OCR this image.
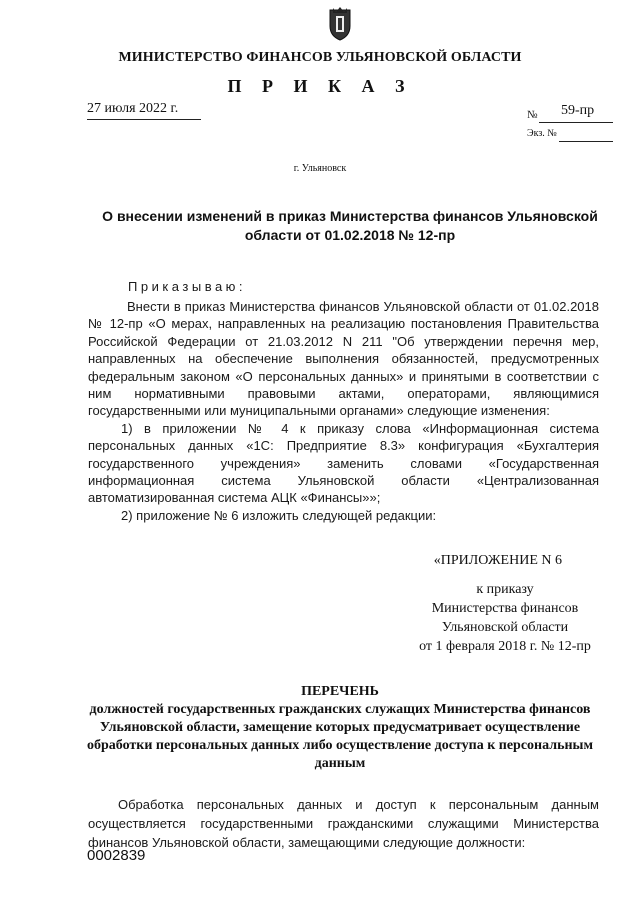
МИНИСТЕРСТВО ФИНАНСОВ УЛЬЯНОВСКОЙ ОБЛАСТИ
П Р И К А З
27 июля 2022 г.	№ 59-пр
Экз. №
г. Ульяновск
О внесении изменений в приказ Министерства финансов Ульяновской области от 01.02.2018 № 12-пр
Приказываю:

Внести в приказ Министерства финансов Ульяновской области от 01.02.2018 № 12-пр «О мерах, направленных на реализацию постановления Правительства Российской Федерации от 21.03.2012 N 211 "Об утверждении перечня мер, направленных на обеспечение выполнения обязанностей, предусмотренных федеральным законом «О персональных данных» и принятыми в соответствии с ним нормативными правовыми актами, операторами, являющимися государственными или муниципальными органами» следующие изменения:

1) в приложении № 4 к приказу слова «Информационная система персональных данных «1С: Предприятие 8.3» конфигурация «Бухгалтерия государственного учреждения» заменить словами «Государственная информационная система Ульяновской области «Централизованная автоматизированная система АЦК «Финансы»»;

2) приложение № 6 изложить следующей редакции:

«ПРИЛОЖЕНИЕ N 6
к приказу
Министерства финансов
Ульяновской области
от 1 февраля 2018 г. № 12-пр
ПЕРЕЧЕНЬ
должностей государственных гражданских служащих Министерства финансов Ульяновской области, замещение которых предусматривает осуществление обработки персональных данных либо осуществление доступа к персональным данным

Обработка персональных данных и доступ к персональным данным осуществляется государственными гражданскими служащими Министерства финансов Ульяновской области, замещающими следующие должности:

0002839
